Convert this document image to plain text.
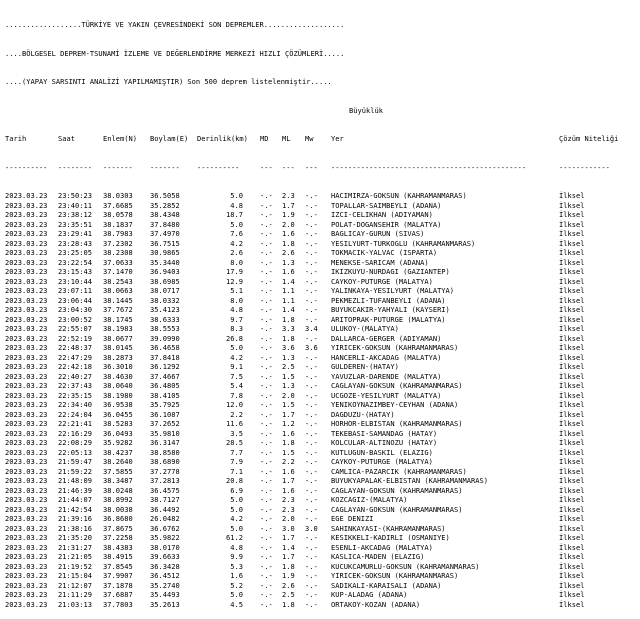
..................TÜRKİYE VE YAKIN ÇEVRESİNDEKİ SON DEPREMLER...................

....BÖLGESEL DEPREM-TSUNAMİ İZLEME VE DEĞERLENDİRME MERKEZİ HIZLI ÇÖZÜMLERİ.....

....(YAPAY SARSINTI ANALİZİ YAPILMAMIŞTIR) Son 500 deprem listelenmiştir.....

Büyüklük

Tarih	Saat	Enlem(N) Boylam(E) Derinlik(km) MD ML Mw Yer	Çözüm Niteliği

---------- -------- ------- ------- ----------	--- --- --- ----------------------------------------------	------------

2023.03.23 23:50:23 38.0303 36.5058	5.0 -.- 2.3 -.- HACIMIRZA-GOKSUN (KAHRAMANMARAS)	İlksel
2023.03.23 23:40:11 37.6685 35.2852	4.8 -.- 1.7 -.- TOPALLAR-SAIMBEYLI (ADANA)	İlksel
2023.03.23 23:38:12 38.0578 38.4348	18.7 -.- 1.9 -.- IZCI-CELIKHAN (ADIYAMAN)	İlksel
2023.03.23 23:35:51 38.1837 37.8480	5.0 -.- 2.0 -.- POLAT-DOGANSEHIR (MALATYA)	İlksel
2023.03.23 23:29:41 38.7983 37.4970	7.6 -.- 1.6 -.- BAGLICAY-GURUN (SIVAS)	İlksel
2023.03.23 23:28:43 37.2302 36.7515	4.2 -.- 1.8 -.- YESILYURT-TURKOGLU (KAHRAMANMARAS)	İlksel
2023.03.23 23:25:05 38.2308 30.9865	2.6 -.- 2.6 -.- TOKMACIK-YALVAC (ISPARTA)	İlksel
2023.03.23 23:22:54 37.0633 35.3440	8.0 -.- 1.3 -.- MENEKSE-SARICAM (ADANA)	İlksel
2023.03.23 23:15:43 37.1470 36.9403	17.9 -.- 1.6 -.- IKIZKUYU-NURDAGI (GAZIANTEP)	İlksel
2023.03.23 23:10:44 38.2543 38.6985	12.9 -.- 1.4 -.- CAYKOY-PUTURGE (MALATYA)	İlksel
2023.03.23 23:07:11 38.0663 38.0717	5.1 -.- 1.1 -.- YALINKAYA-YESILYURT (MALATYA)	İlksel
2023.03.23 23:06:44 38.1445 38.0332	8.0 -.- 1.1 -.- PEKMEZLI-TUFANBEYLI (ADANA)	İlksel
2023.03.23 23:04:30 37.7672 35.4123	4.8 -.- 1.4 -.- BUYUKCAKIR-YAHYALI (KAYSERI)	İlksel
2023.03.23 23:00:52 38.1745 38.6333	9.7 -.- 1.8 -.- ARITOPRAK-PUTURGE (MALATYA)	İlksel
2023.03.23 22:55:07 38.1983 38.5553	8.3 -.- 3.3 3.4 ULUKOY-(MALATYA)	İlksel
2023.03.23 22:52:19 38.0677 39.0990	26.8 -.- 1.8 -.- DALLARCA-GERGER (ADIYAMAN)	İlksel
2023.03.23 22:48:37 38.0145 36.4658	5.0 -.- 3.6 3.6 YIRICEK-GOKSUN (KAHRAMANMARAS)	İlksel
2023.03.23 22:47:29 38.2873 37.8418	4.2 -.- 1.3 -.- HANCERLI-AKCADAG (MALATYA)	İlksel
2023.03.23 22:42:18 36.3010 36.1292	9.1 -.- 2.5 -.- GULDEREN-(HATAY)	İlksel
2023.03.23 22:40:27 38.4630 37.4667	7.5 -.- 1.5 -.- YAVUZLAR-DARENDE (MALATYA)	İlksel
2023.03.23 22:37:43 38.0640 36.4805	5.4 -.- 1.3 -.- CAGLAYAN-GOKSUN (KAHRAMANMARAS)	İlksel
2023.03.23 22:35:15 38.1980 38.4105	7.8 -.- 2.0 -.- UCGOZE-YESILYURT (MALATYA)	İlksel
2023.03.23 22:34:40 36.9538 35.7925	12.0 -.- 1.5 -.- YENIKOYNAZIMBEY-CEYHAN (ADANA)	İlksel
2023.03.23 22:24:04 36.0455 36.1087	2.2 -.- 1.7 -.- DAGDUZU-(HATAY)	İlksel
2023.03.23 22:21:41 38.5283 37.2652	11.6 -.- 1.2 -.- HORHOR-ELBISTAN (KAHRAMANMARAS)	İlksel
2023.03.23 22:16:29 36.0493 35.9810	3.5 -.- 1.6 -.- TEKEBASI-SAMANDAG (HATAY)	İlksel
2023.03.23 22:08:29 35.9282 36.3147	28.5 -.- 1.8 -.- KOLCULAR-ALTINOZU (HATAY)	İlksel
2023.03.23 22:05:13 38.4237 38.8580	7.7 -.- 1.5 -.- KUTLUGUN-BASKIL (ELAZIG)	İlksel
2023.03.23 21:59:47 38.2640 38.6890	7.9 -.- 2.2 -.- CAYKOY-PUTURGE (MALATYA)	İlksel
2023.03.23 21:59:22 37.5855 37.2778	7.1 -.- 1.6 -.- CAMLICA-PAZARCIK (KAHRAMANMARAS)	İlksel
2023.03.23 21:48:09 38.3487 37.2813	20.8 -.- 1.7 -.- BUYUKYAPALAK-ELBISTAN (KAHRAMANMARAS)	İlksel
2023.03.23 21:46:39 38.0248 36.4575	6.9 -.- 1.6 -.- CAGLAYAN-GOKSUN (KAHRAMANMARAS)	İlksel
2023.03.23 21:44:07 38.8992 38.7127	5.0 -.- 2.3 -.- KOZCAGIZ-(MALATYA)	İlksel
2023.03.23 21:42:54 38.0038 36.4492	5.0 -.- 2.3 -.- CAGLAYAN-GOKSUN (KAHRAMANMARAS)	İlksel
2023.03.23 21:39:16 36.8680 26.0482	4.2 -.- 2.0 -.- EGE DENIZI	İlksel
2023.03.23 21:38:16 37.8675 36.6762	5.0 -.- 3.0 3.0 SAHINKAYASI-(KAHRAMANMARAS)	İlksel
2023.03.23 21:35:20 37.2258 35.9822	61.2 -.- 1.7 -.- KESIKKELI-KADIRLI (OSMANIYE)	İlksel
2023.03.23 21:31:27 38.4383 38.0170	4.8 -.- 1.4 -.- ESENLI-AKCADAG (MALATYA)	İlksel
2023.03.23 21:21:05 38.4915 39.6633	9.9 -.- 1.7 -.- KASLICA-MADEN (ELAZIG)	İlksel
2023.03.23 21:19:52 37.8545 36.3428	5.3 -.- 1.8 -.- KUCUKCAMURLU-GOKSUN (KAHRAMANMARAS)	İlksel
2023.03.23 21:15:04 37.9907 36.4512	1.6 -.- 1.9 -.- YIRICEK-GOKSUN (KAHRAMANMARAS)	İlksel
2023.03.23 21:12:07 37.1878 35.2740	5.2 -.- 2.6 -.- SADIKALI-KARAISALI (ADANA)	İlksel
2023.03.23 21:11:29 37.6887 35.4493	5.0 -.- 2.5 -.- KUP-ALADAG (ADANA)	İlksel
2023.03.23 21:03:13 37.7803 35.2613	4.5 -.- 1.8 -.- ORTAKOY-KOZAN (ADANA)	İlksel
